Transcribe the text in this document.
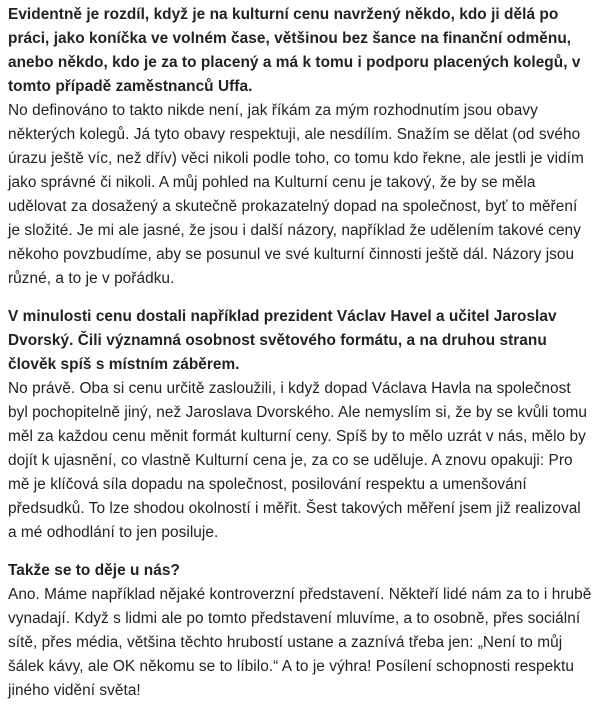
Evidentně je rozdíl, když je na kulturní cenu navržený někdo, kdo ji dělá po práci, jako koníčka ve volném čase, většinou bez šance na finanční odměnu, anebo někdo, kdo je za to placený a má k tomu i podporu placených kolegů, v tomto případě zaměstnanců Uffa.

No definováno to takto nikde není, jak říkám za mým rozhodnutím jsou obavy některých kolegů. Já tyto obavy respektuji, ale nesdílím. Snažím se dělat (od svého úrazu ještě víc, než dřív) věci nikoli podle toho, co tomu kdo řekne, ale jestli je vidím jako správné či nikoli. A můj pohled na Kulturní cenu je takový, že by se měla udělovat za dosažený a skutečně prokazatelný dopad na společnost, byť to měření je složité. Je mi ale jasné, že jsou i další názory, například že udělením takové ceny někoho povzbudíme, aby se posunul ve své kulturní činnosti ještě dál. Názory jsou různé, a to je v pořádku.

V minulosti cenu dostali například prezident Václav Havel a učitel Jaroslav Dvorský. Čili významná osobnost světového formátu, a na druhou stranu člověk spíš s místním záběrem.

No právě. Oba si cenu určitě zasloužili, i když dopad Václava Havla na společnost byl pochopitelně jiný, než Jaroslava Dvorského. Ale nemyslím si, že by se kvůli tomu měl za každou cenu měnit formát kulturní ceny. Spíš by to mělo uzrát v nás, mělo by dojít k ujasnění, co vlastně Kulturní cena je, za co se uděluje. A znovu opakuji: Pro mě je klíčová síla dopadu na společnost, posilování respektu a umenšování předsudků. To lze shodou okolností i měřit. Šest takových měření jsem již realizoval a mé odhodlání to jen posiluje.

Takže se to děje u nás?

Ano. Máme například nějaké kontroverzní představení. Někteří lidé nám za to i hrubě vynadají. Když s lidmi ale po tomto představení mluvíme, a to osobně, přes sociální sítě, přes média, většina těchto hrubostí ustane a zaznívá třeba jen: „Není to můj šálek kávy, ale OK někomu se to líbilo.“ A to je výhra! Posílení schopnosti respektu jiného vidění světa!
